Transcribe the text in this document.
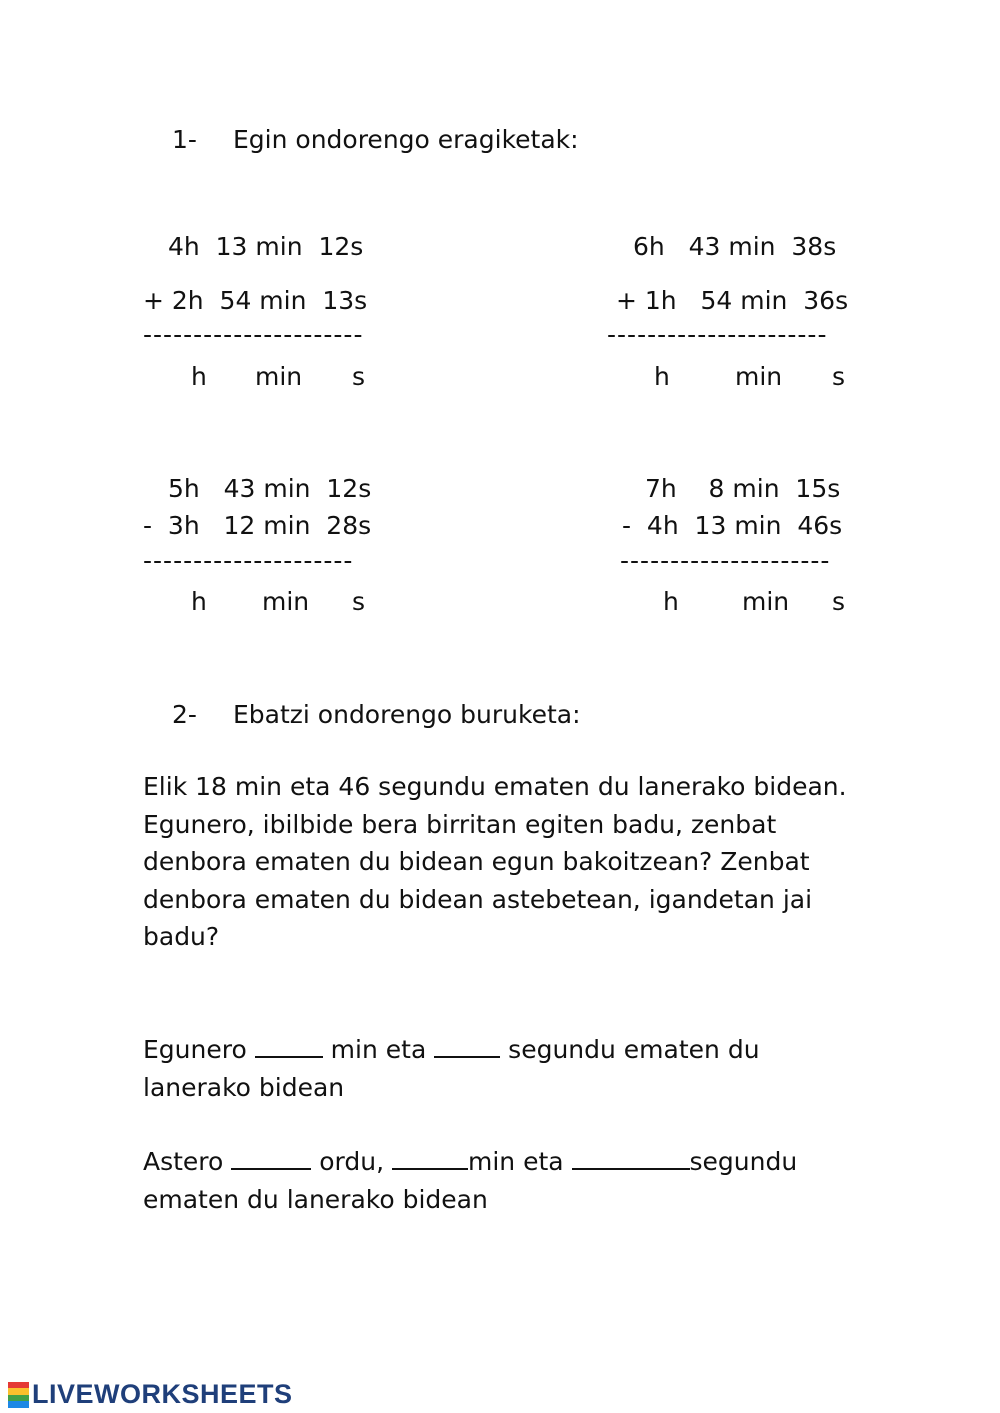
1- Egin ondorengo eragiketak:
4h  13 min  12s
+ 2h  54 min  13s
----------------------
h min s
6h   43 min  38s
+ 1h   54 min  36s
----------------------
h	min s
5h   43 min  12s
-  3h   12 min  28s
---------------------
h min s
7h    8 min  15s
-  4h  13 min  46s
---------------------
h	min s
2- Ebatzi ondorengo buruketa:
Elik 18 min eta 46 segundu ematen du lanerako bidean. Egunero, ibilbide bera birritan egiten badu, zenbat denbora ematen du bidean egun bakoitzean? Zenbat denbora ematen du bidean astebetean, igandetan jai badu?
Egunero	min eta	segundu ematen du lanerako bidean
Astero	ordu,	min eta	segundu ematen du lanerako bidean
LIVEWORKSHEETS
